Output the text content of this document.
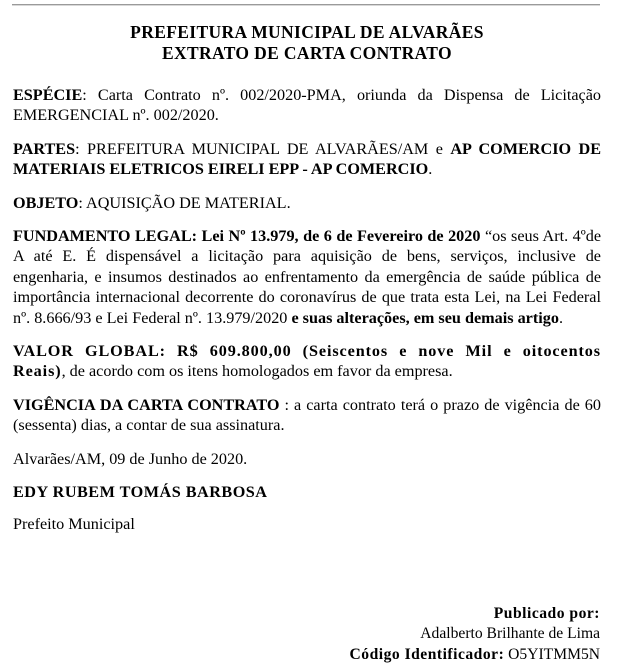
PREFEITURA MUNICIPAL DE ALVARÃES
EXTRATO DE CARTA CONTRATO

ESPÉCIE: Carta Contrato nº. 002/2020-PMA, oriunda da Dispensa de Licitação EMERGENCIAL nº. 002/2020.

PARTES: PREFEITURA MUNICIPAL DE ALVARÃES/AM e AP COMERCIO DE MATERIAIS ELETRICOS EIRELI EPP - AP COMERCIO.

OBJETO: AQUISIÇÃO DE MATERIAL.

FUNDAMENTO LEGAL: Lei Nº 13.979, de 6 de Fevereiro de 2020 “os seus Art. 4ºde A até E. É dispensável a licitação para aquisição de bens, serviços, inclusive de engenharia, e insumos destinados ao enfrentamento da emergência de saúde pública de importância internacional decorrente do coronavírus de que trata esta Lei, na Lei Federal nº. 8.666/93 e Lei Federal nº. 13.979/2020 e suas alterações, em seu demais artigo.

VALOR GLOBAL: R$ 609.800,00 (Seiscentos e nove Mil e oitocentos Reais), de acordo com os itens homologados em favor da empresa.

VIGÊNCIA DA CARTA CONTRATO : a carta contrato terá o prazo de vigência de 60 (sessenta) dias, a contar de sua assinatura.

Alvarães/AM, 09 de Junho de 2020.

EDY RUBEM TOMÁS BARBOSA

Prefeito Municipal

Publicado por:
Adalberto Brilhante de Lima
Código Identificador: O5YITMM5N
